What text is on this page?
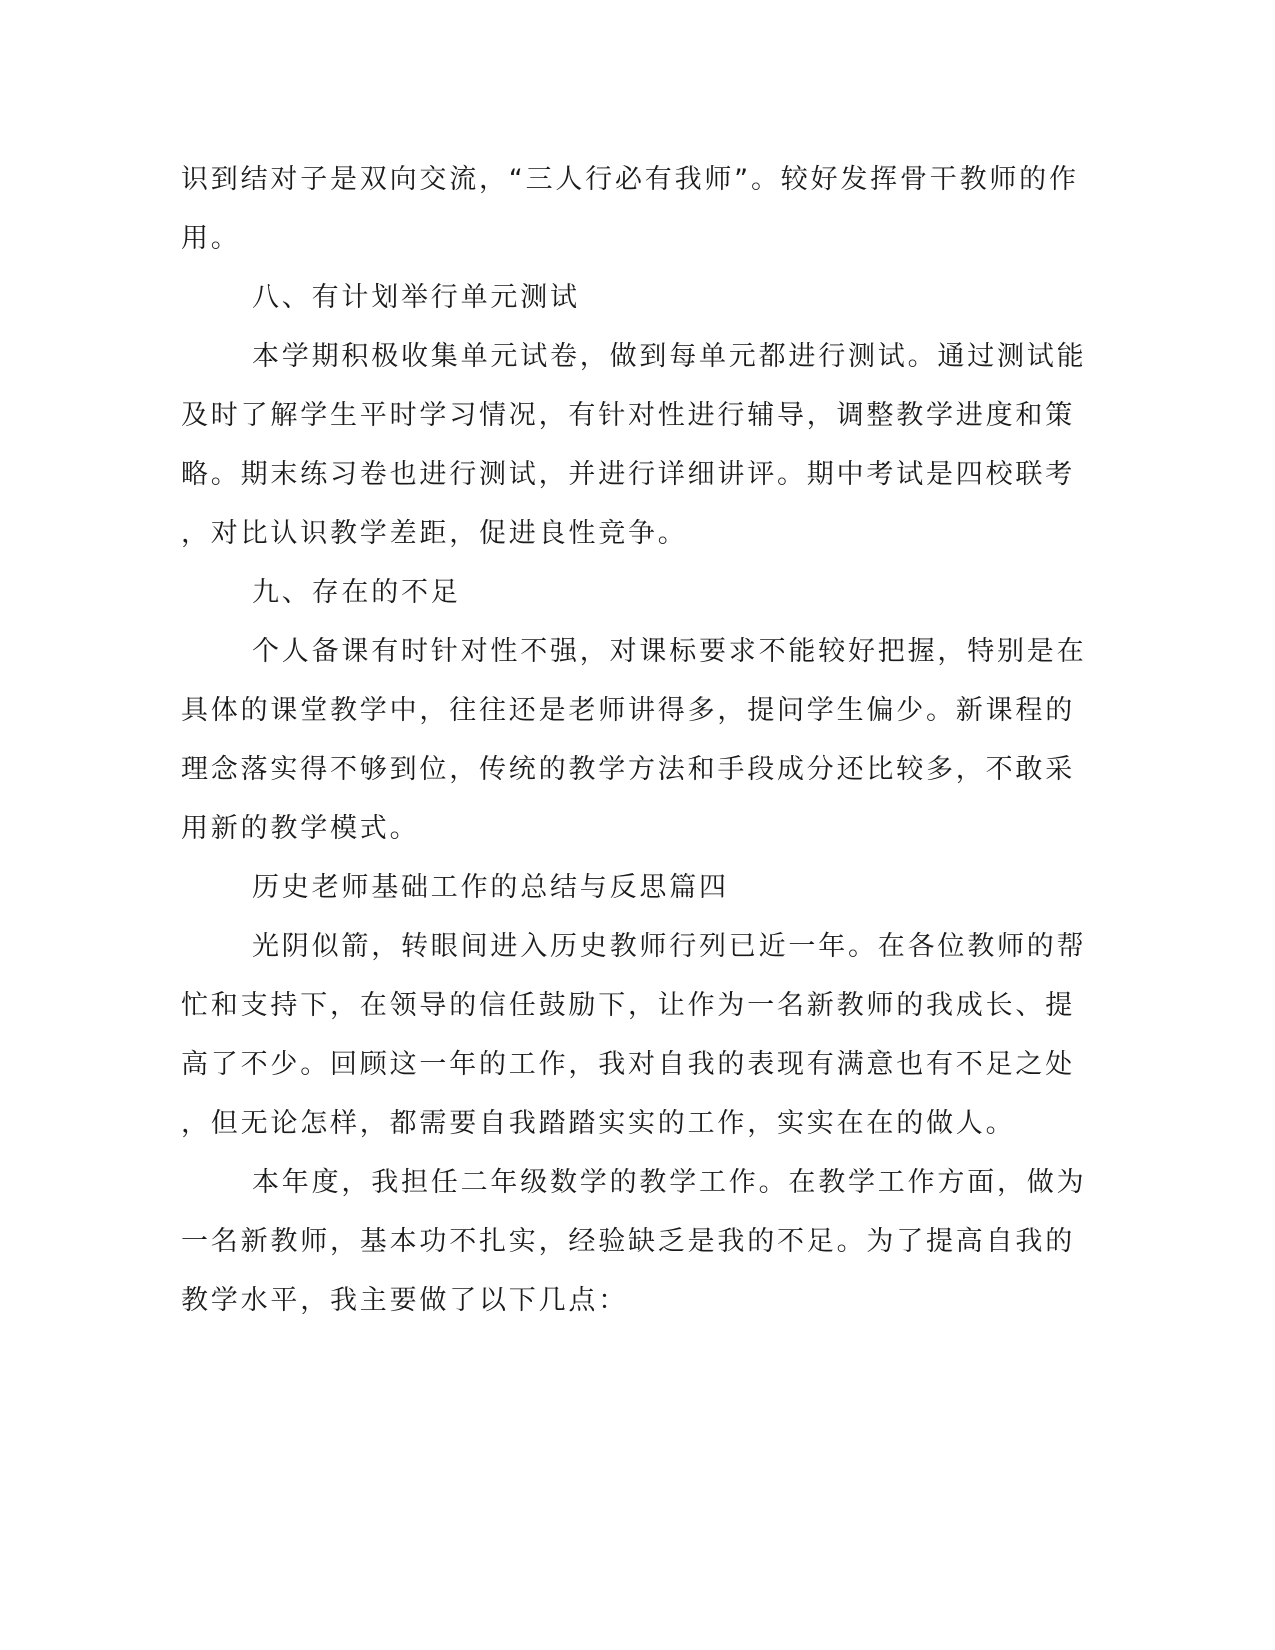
识到结对子是双向交流，“三人行必有我师”。较好发挥骨干教师的作
用。
八、有计划举行单元测试
本学期积极收集单元试卷，做到每单元都进行测试。通过测试能
及时了解学生平时学习情况，有针对性进行辅导，调整教学进度和策
略。期末练习卷也进行测试，并进行详细讲评。期中考试是四校联考
，对比认识教学差距，促进良性竞争。
九、存在的不足
个人备课有时针对性不强，对课标要求不能较好把握，特别是在
具体的课堂教学中，往往还是老师讲得多，提问学生偏少。新课程的
理念落实得不够到位，传统的教学方法和手段成分还比较多，不敢采
用新的教学模式。
历史老师基础工作的总结与反思篇四
光阴似箭，转眼间进入历史教师行列已近一年。在各位教师的帮
忙和支持下，在领导的信任鼓励下，让作为一名新教师的我成长、提
高了不少。回顾这一年的工作，我对自我的表现有满意也有不足之处
，但无论怎样，都需要自我踏踏实实的工作，实实在在的做人。
本年度，我担任二年级数学的教学工作。在教学工作方面，做为
一名新教师，基本功不扎实，经验缺乏是我的不足。为了提高自我的
教学水平，我主要做了以下几点：
